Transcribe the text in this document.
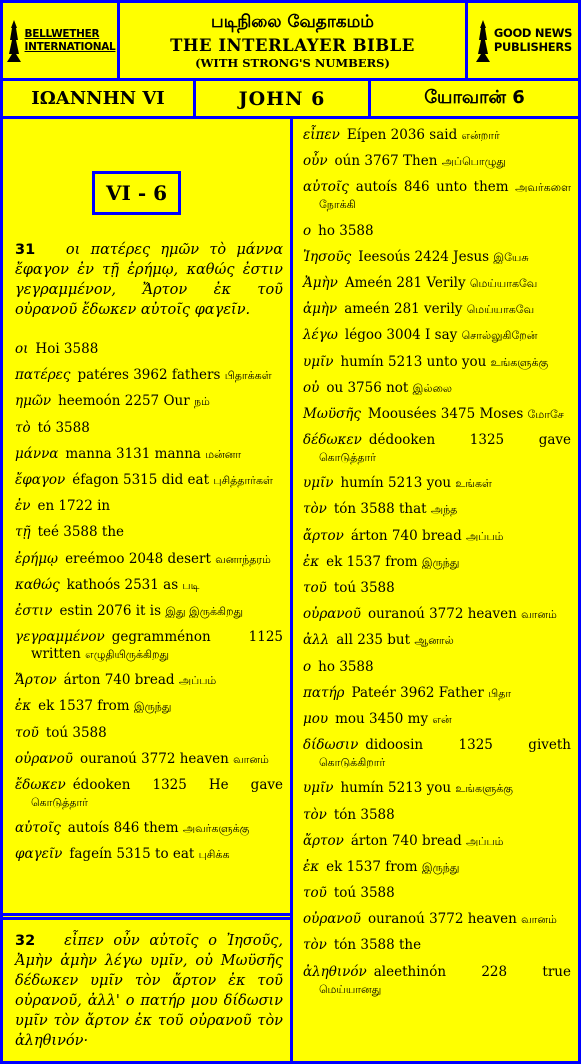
BELLWETHER
INTERNATIONAL
படிநிலை வேதாகமம்
THE INTERLAYER BIBLE
(WITH STRONG'S NUMBERS)
GOOD NEWS
PUBLISHERS
ΙΩΑΝΝΗΝ VI	JOHN 6	யோவான் 6
VI - 6
31 οι πατέρες ημῶν τὸ μάννα ἔφαγον ἐν τῇ ἐρήμῳ, καθώς ἐστιν γεγραμμένον, Ἄρτον ἐκ τοῦ οὐρανοῦ ἔδωκεν αὐτοῖς φαγεῖν.
οι Hoi 3588
πατέρες patéres 3962 fathers பிதாக்கள்
ημῶν heemoón 2257 Our நம்
τὸ tó 3588
μάννα manna 3131 manna மன்னா
ἔφαγον éfagon 5315 did eat புசித்தார்கள்
ἐν en 1722 in
τῇ teé 3588 the
ἐρήμῳ ereémoo 2048 desert வனாந்தரம்
καθώς kathoós 2531 as படி
ἐστιν estin 2076 it is இது இருக்கிறது
γεγραμμένον gegramménon 1125 written எழுதியிருக்கிறது
Ἄρτον árton 740 bread அப்பம்
ἐκ ek 1537 from இருந்து
τοῦ toú 3588
οὐρανοῦ ouranoú 3772 heaven வானம்
ἔδωκεν édooken 1325 He gave கொடுத்தார்
αὐτοῖς autoís 846 them அவர்களுக்கு
φαγεῖν fageín 5315 to eat புசிக்க
32 εἶπεν οὖν αὐτοῖς ο Ἰησοῦς, Ἀμὴν ἀμὴν λέγω υμῖν, οὐ Μωϋσῆς δέδωκεν υμῖν τὸν ἄρτον ἐκ τοῦ οὐρανοῦ, ἀλλ' ο πατήρ μου δίδωσιν υμῖν τὸν ἄρτον ἐκ τοῦ οὐρανοῦ τὸν ἀληθινόν·
εἶπεν Eípen 2036 said என்றார்
οὖν oún 3767 Then அப்பொழுது
αὐτοῖς autoís 846 unto them அவர்களை நோக்கி
ο ho 3588
Ἰησοῦς Ieesoús 2424 Jesus இயேசு
Ἀμὴν Ameén 281 Verily மெய்யாகவே
ἀμὴν ameén 281 verily மெய்யாகவே
λέγω légoo 3004 I say சொல்லுகிறேன்
υμῖν humín 5213 unto you உங்களுக்கு
οὐ ou 3756 not இல்லை
Μωϋσῆς Moousées 3475 Moses மோசே
δέδωκεν dédooken 1325 gave கொடுத்தார்
υμῖν humín 5213 you உங்கள்
τὸν tón 3588 that அந்த
ἄρτον árton 740 bread அப்பம்
ἐκ ek 1537 from இருந்து
τοῦ toú 3588
οὐρανοῦ ouranoú 3772 heaven வானம்
ἀλλ all 235 but ஆனால்
ο ho 3588
πατήρ Pateér 3962 Father பிதா
μου mou 3450 my என்
δίδωσιν didoosin 1325 giveth கொடுக்கிறார்
υμῖν humín 5213 you உங்களுக்கு
τὸν tón 3588
ἄρτον árton 740 bread அப்பம்
ἐκ ek 1537 from இருந்து
τοῦ toú 3588
οὐρανοῦ ouranoú 3772 heaven வானம்
τὸν tón 3588 the
ἀληθινόν aleethinón 228 true மெய்யானது
